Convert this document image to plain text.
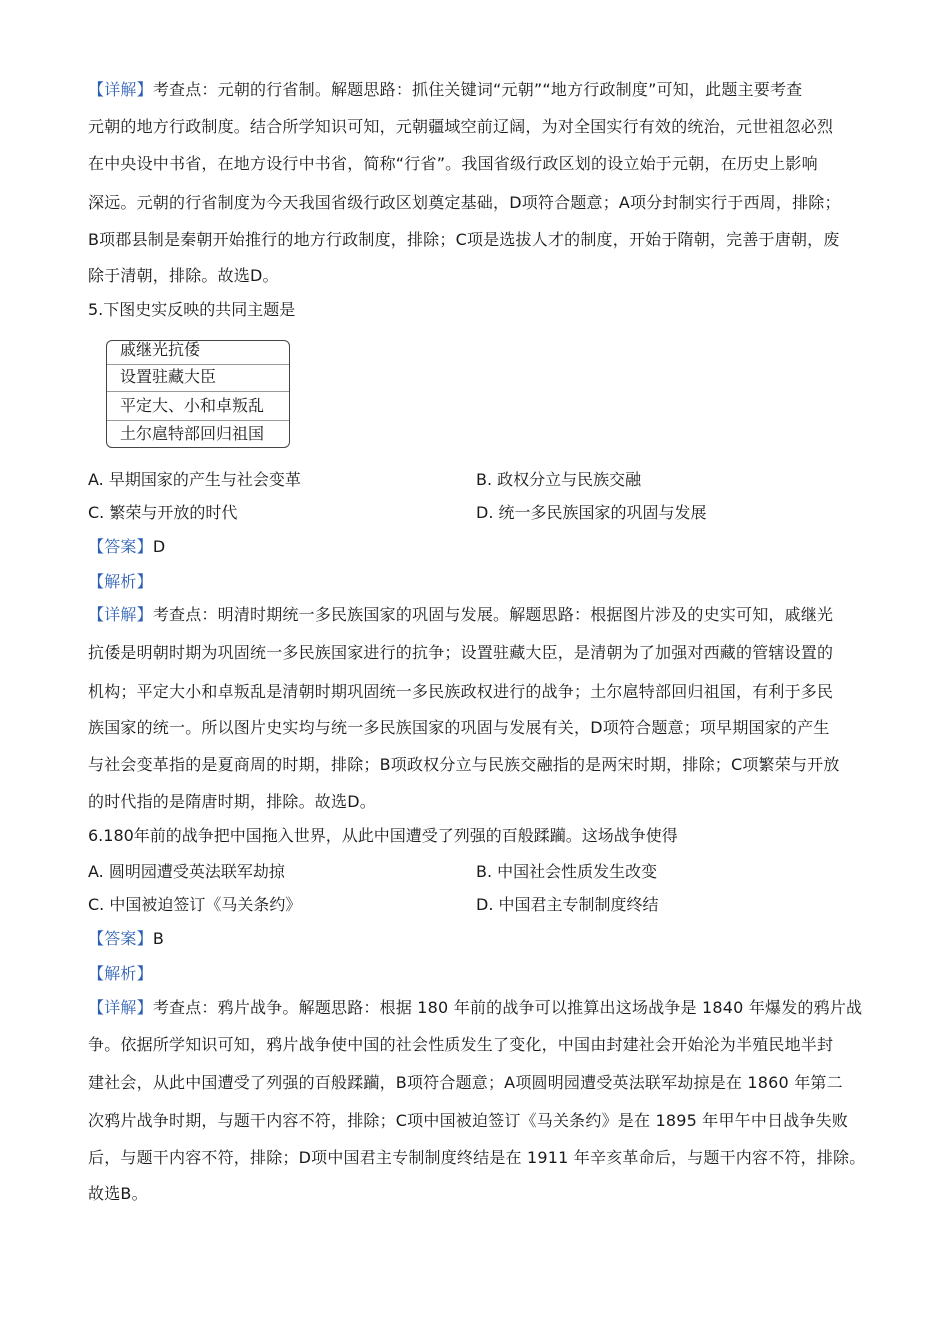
【详解】考查点：元朝的行省制。解题思路：抓住关键词“元朝”“地方行政制度”可知，此题主要考查
元朝的地方行政制度。结合所学知识可知，元朝疆域空前辽阔，为对全国实行有效的统治，元世祖忽必烈
在中央设中书省，在地方设行中书省，简称“行省”。我国省级行政区划的设立始于元朝，在历史上影响
深远。元朝的行省制度为今天我国省级行政区划奠定基础，D项符合题意；A项分封制实行于西周，排除；
B项郡县制是秦朝开始推行的地方行政制度，排除；C项是选拔人才的制度，开始于隋朝，完善于唐朝，废
除于清朝，排除。故选D。
5.下图史实反映的共同主题是
戚继光抗倭
设置驻藏大臣
平定大、小和卓叛乱
土尔扈特部回归祖国
A. 早期国家的产生与社会变革	B. 政权分立与民族交融
C. 繁荣与开放的时代	D. 统一多民族国家的巩固与发展
【答案】D
【解析】
【详解】考查点：明清时期统一多民族国家的巩固与发展。解题思路：根据图片涉及的史实可知，戚继光
抗倭是明朝时期为巩固统一多民族国家进行的抗争；设置驻藏大臣，是清朝为了加强对西藏的管辖设置的
机构；平定大小和卓叛乱是清朝时期巩固统一多民族政权进行的战争；土尔扈特部回归祖国，有利于多民
族国家的统一。所以图片史实均与统一多民族国家的巩固与发展有关，D项符合题意；项早期国家的产生
与社会变革指的是夏商周的时期，排除；B项政权分立与民族交融指的是两宋时期，排除；C项繁荣与开放
的时代指的是隋唐时期，排除。故选D。
6.180年前的战争把中国拖入世界，从此中国遭受了列强的百般蹂躏。这场战争使得
A. 圆明园遭受英法联军劫掠	B. 中国社会性质发生改变
C. 中国被迫签订《马关条约》	D. 中国君主专制制度终结
【答案】B
【解析】
【详解】考查点：鸦片战争。解题思路：根据 180 年前的战争可以推算出这场战争是 1840 年爆发的鸦片战
争。依据所学知识可知，鸦片战争使中国的社会性质发生了变化，中国由封建社会开始沦为半殖民地半封
建社会，从此中国遭受了列强的百般蹂躏，B项符合题意；A项圆明园遭受英法联军劫掠是在 1860 年第二
次鸦片战争时期，与题干内容不符，排除；C项中国被迫签订《马关条约》是在 1895 年甲午中日战争失败
后，与题干内容不符，排除；D项中国君主专制制度终结是在 1911 年辛亥革命后，与题干内容不符，排除。
故选B。
